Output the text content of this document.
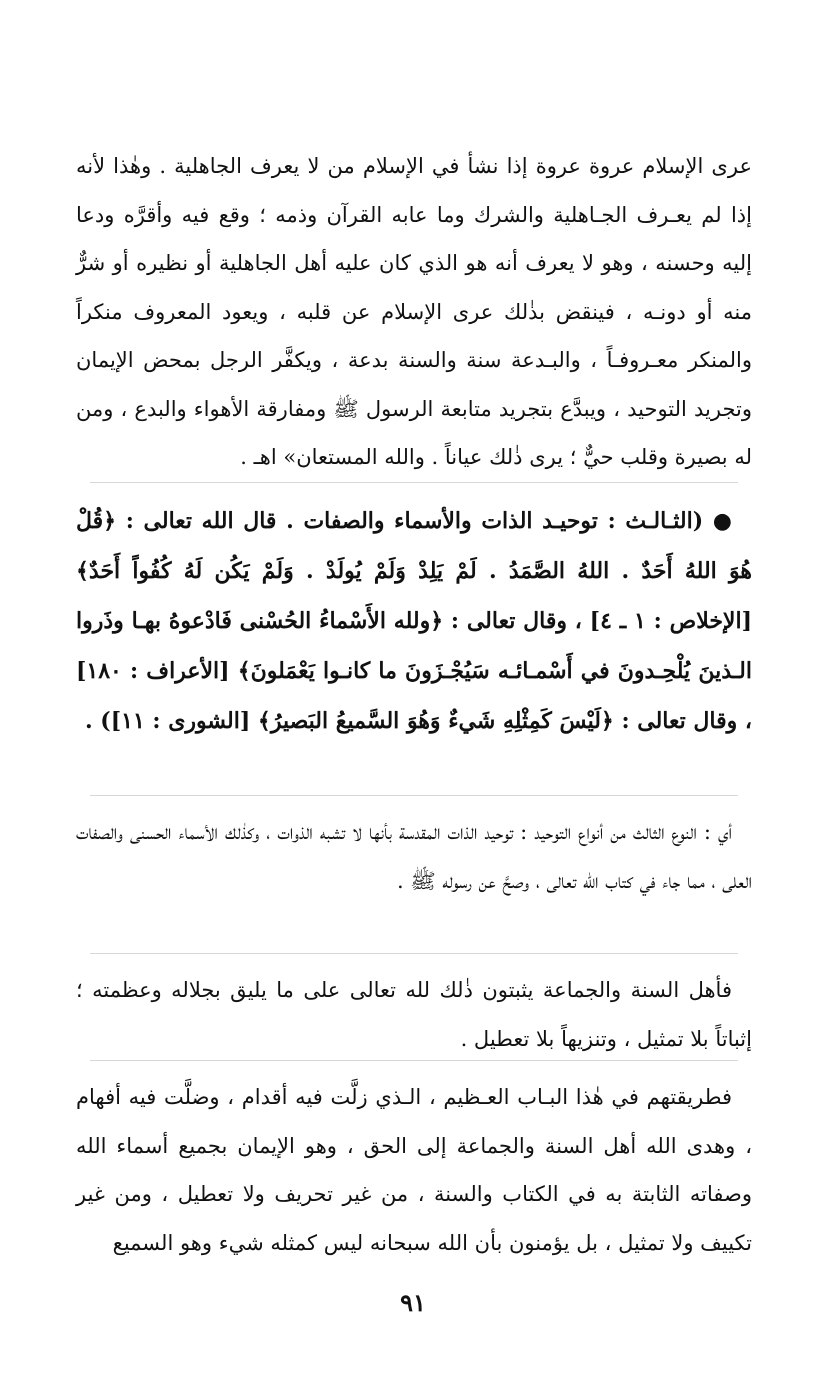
عرى الإسلام عروة عروة إذا نشأ في الإسلام من لا يعرف الجاهلية . وهٰذا لأنه إذا لم يعـرف الجـاهلية والشرك وما عابه القرآن وذمه ؛ وقع فيه وأقرَّه ودعا إليه وحسنه ، وهو لا يعرف أنه هو الذي كان عليه أهل الجاهلية أو نظيره أو شرٌّ منه أو دونـه ، فينقض بذٰلك عرى الإسلام عن قلبه ، ويعود المعروف منكراً والمنكر معـروفـاً ، والبـدعة سنة والسنة بدعة ، ويكفَّر الرجل بمحض الإيمان وتجريد التوحيد ، ويبدَّع بتجريد متابعة الرسول ﷺ ومفارقة الأهواء والبدع ، ومن له بصيرة وقلب حيٌّ ؛ يرى ذٰلك عياناً . والله المستعان» اهـ .

● (الثـالـث : توحيـد الذات والأسماء والصفات . قال الله تعالى : ﴿قُلْ هُوَ اللهُ أَحَدٌ . اللهُ الصَّمَدُ . لَمْ يَلِدْ وَلَمْ يُولَدْ . وَلَمْ يَكُن لَهُ كُفُواً أَحَدٌ﴾ [الإخلاص : ١ ـ ٤] ، وقال تعالى : ﴿ولله الأَسْماءُ الحُسْنى فَادْعوهُ بهـا وذَروا الـذينَ يُلْحِـدونَ في أَسْمـائـه سَيُجْـزَونَ ما كانـوا يَعْمَلونَ﴾ [الأعراف : ١٨٠] ، وقال تعالى : ﴿لَيْسَ كَمِثْلِهِ شَيءٌ وَهُوَ السَّميعُ البَصيرُ﴾ [الشورى : ١١]) .

أي : النوع الثالث من أنواع التوحيد : توحيد الذات المقدسة بأنها لا تشبه الذوات ، وكذٰلك الأسماء الحسنى والصفات العلى ، مما جاء في كتاب الله تعالى ، وصحَّ عن رسوله ﷺ .

فأهل السنة والجماعة يثبتون ذٰلك لله تعالى على ما يليق بجلاله وعظمته ؛ إثباتاً بلا تمثيل ، وتنزيهاً بلا تعطيل .

فطريقتهم في هٰذا البـاب العـظيم ، الـذي زلَّت فيه أقدام ، وضلَّت فيه أفهام ، وهدى الله أهل السنة والجماعة إلى الحق ، وهو الإيمان بجميع أسماء الله وصفاته الثابتة به في الكتاب والسنة ، من غير تحريف ولا تعطيل ، ومن غير تكييف ولا تمثيل ، بل يؤمنون بأن الله سبحانه ليس كمثله شيء وهو السميع

٩١
